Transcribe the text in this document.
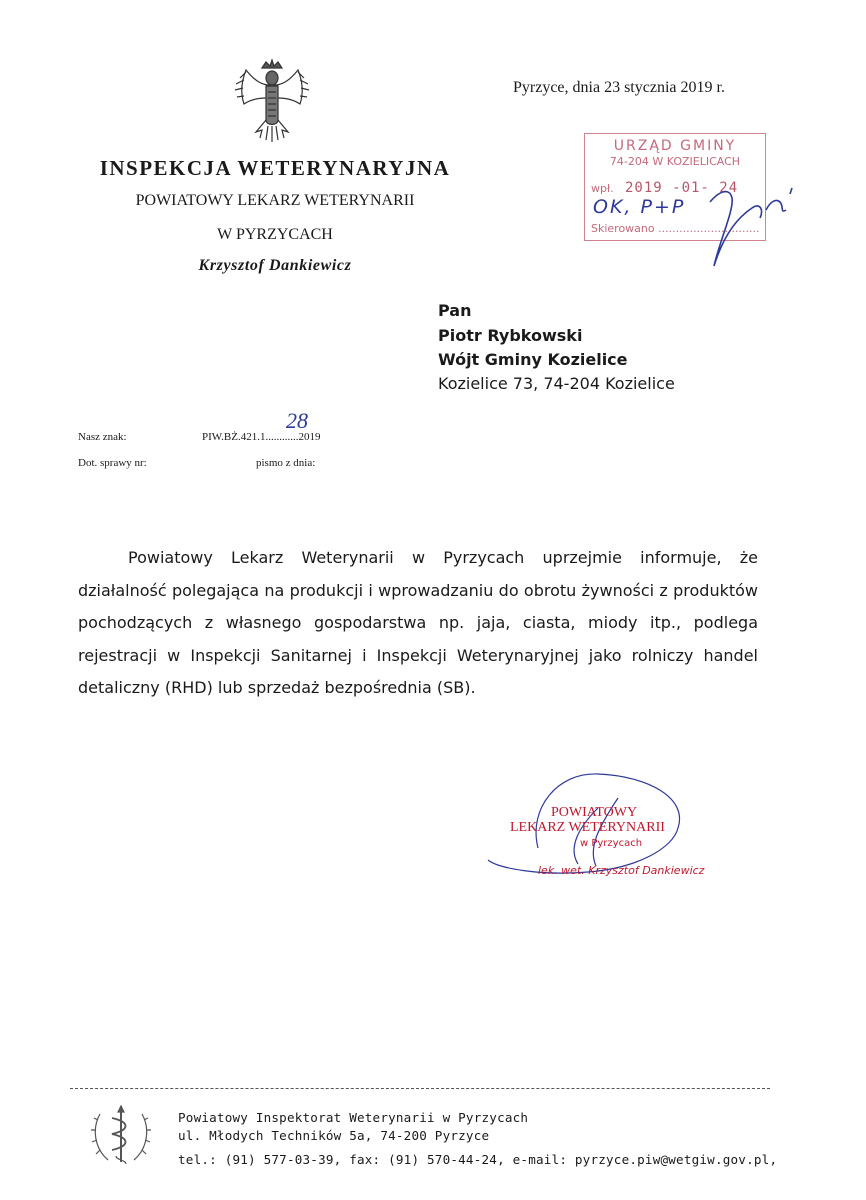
INSPEKCJA WETERYNARYJNA
POWIATOWY LEKARZ WETERYNARII
W PYRZYCACH
Krzysztof Dankiewicz
Pyrzyce, dnia 23 stycznia 2019 r.
URZĄD GMINY
74-204 W KOZIELICACH
wpł. 2019 -01- 24
Skierowano .............................
OK, P+P
Pan
Piotr Rybkowski
Wójt Gminy Kozielice
Kozielice 73, 74-204 Kozielice
Nasz znak:	PIW.BŻ.421.1............2019
28
Dot. sprawy nr:	pismo z dnia:

Powiatowy Lekarz Weterynarii w Pyrzycach uprzejmie informuje, że działalność polegająca na produkcji i wprowadzaniu do obrotu żywności z produktów pochodzących z własnego gospodarstwa np. jaja, ciasta, miody itp., podlega rejestracji w Inspekcji Sanitarnej i Inspekcji Weterynaryjnej jako rolniczy handel detaliczny (RHD) lub sprzedaż bezpośrednia (SB).

POWIATOWY
LEKARZ WETERYNARII
w Pyrzycach
lek. wet. Krzysztof Dankiewicz
Powiatowy Inspektorat Weterynarii w Pyrzycach
ul. Młodych Techników 5a, 74-200 Pyrzyce
tel.: (91) 577-03-39, fax: (91) 570-44-24, e-mail: pyrzyce.piw@wetgiw.gov.pl,
